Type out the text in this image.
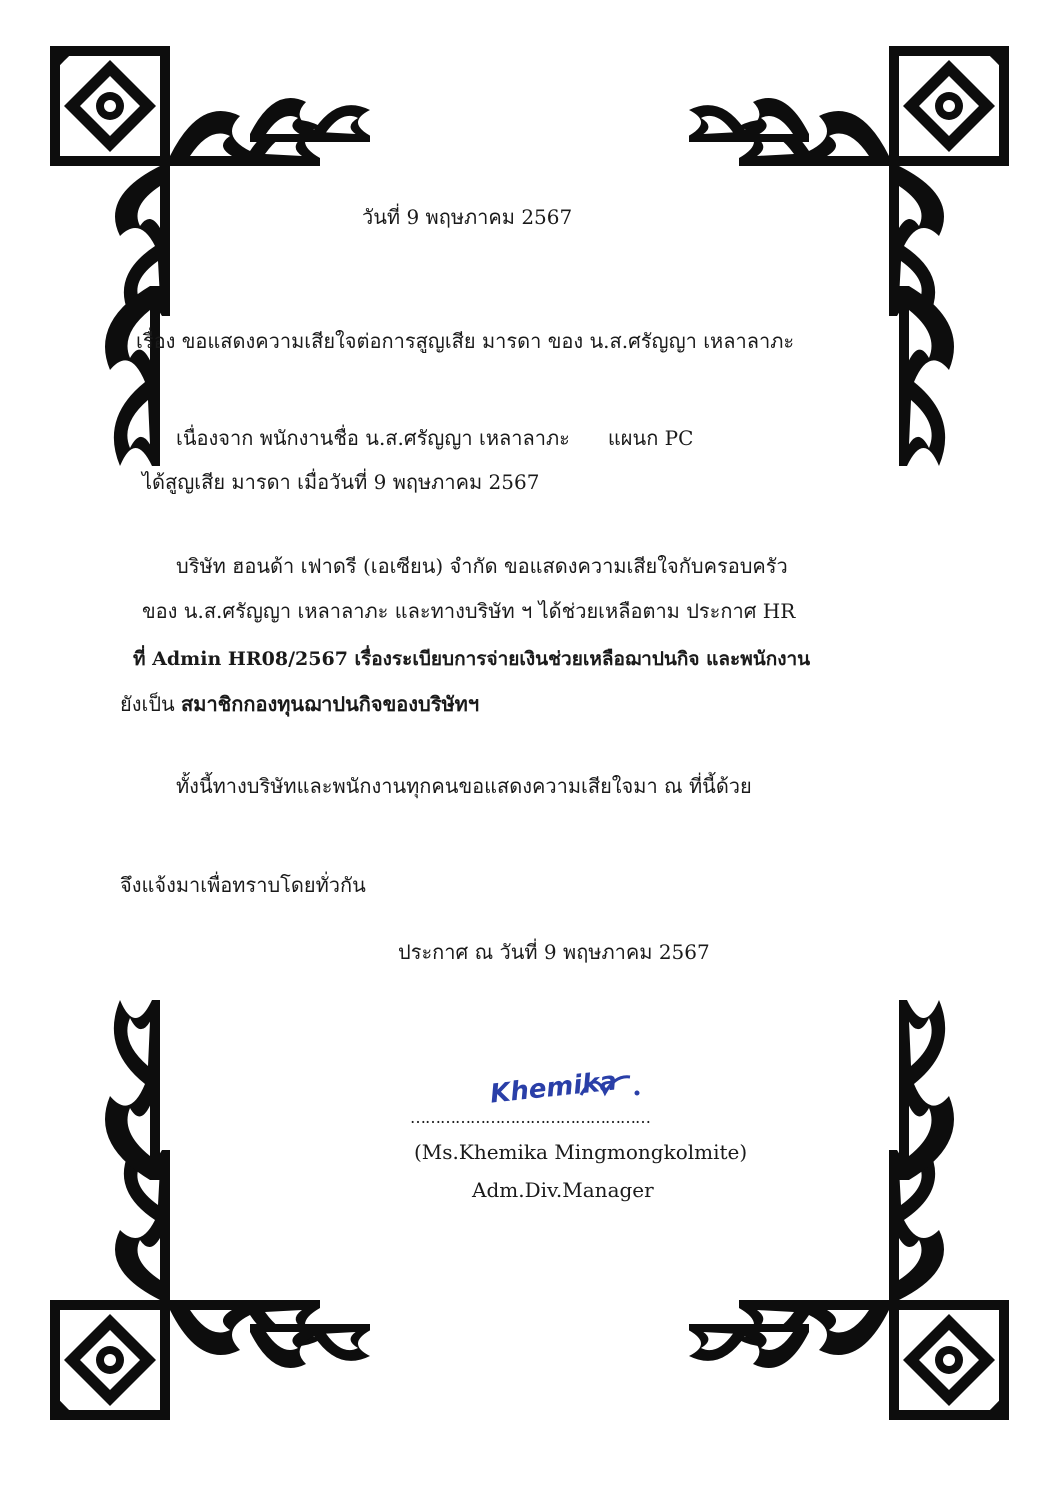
วันที่ 9 พฤษภาคม 2567
เรื่อง ขอแสดงความเสียใจต่อการสูญเสีย มารดา ของ น.ส.ศรัญญา เหลาลาภะ
เนื่องจาก พนักงานชื่อ น.ส.ศรัญญา เหลาลาภะ แผนก PC
ได้สูญเสีย มารดา เมื่อวันที่ 9 พฤษภาคม 2567
บริษัท ฮอนด้า เฟาดรี (เอเซียน) จำกัด ขอแสดงความเสียใจกับครอบครัว
ของ น.ส.ศรัญญา เหลาลาภะ และทางบริษัท ฯ ได้ช่วยเหลือตาม ประกาศ HR
ที่ Admin HR08/2567 เรื่องระเบียบการจ่ายเงินช่วยเหลือฌาปนกิจ และพนักงาน
ยังเป็น สมาชิกกองทุนฌาปนกิจของบริษัทฯ
ทั้งนี้ทางบริษัทและพนักงานทุกคนขอแสดงความเสียใจมา ณ ที่นี้ด้วย
จึงแจ้งมาเพื่อทราบโดยทั่วกัน
ประกาศ ณ วันที่ 9 พฤษภาคม 2567
Khemika
…………………………………………
(Ms.Khemika Mingmongkolmite)
Adm.Div.Manager
